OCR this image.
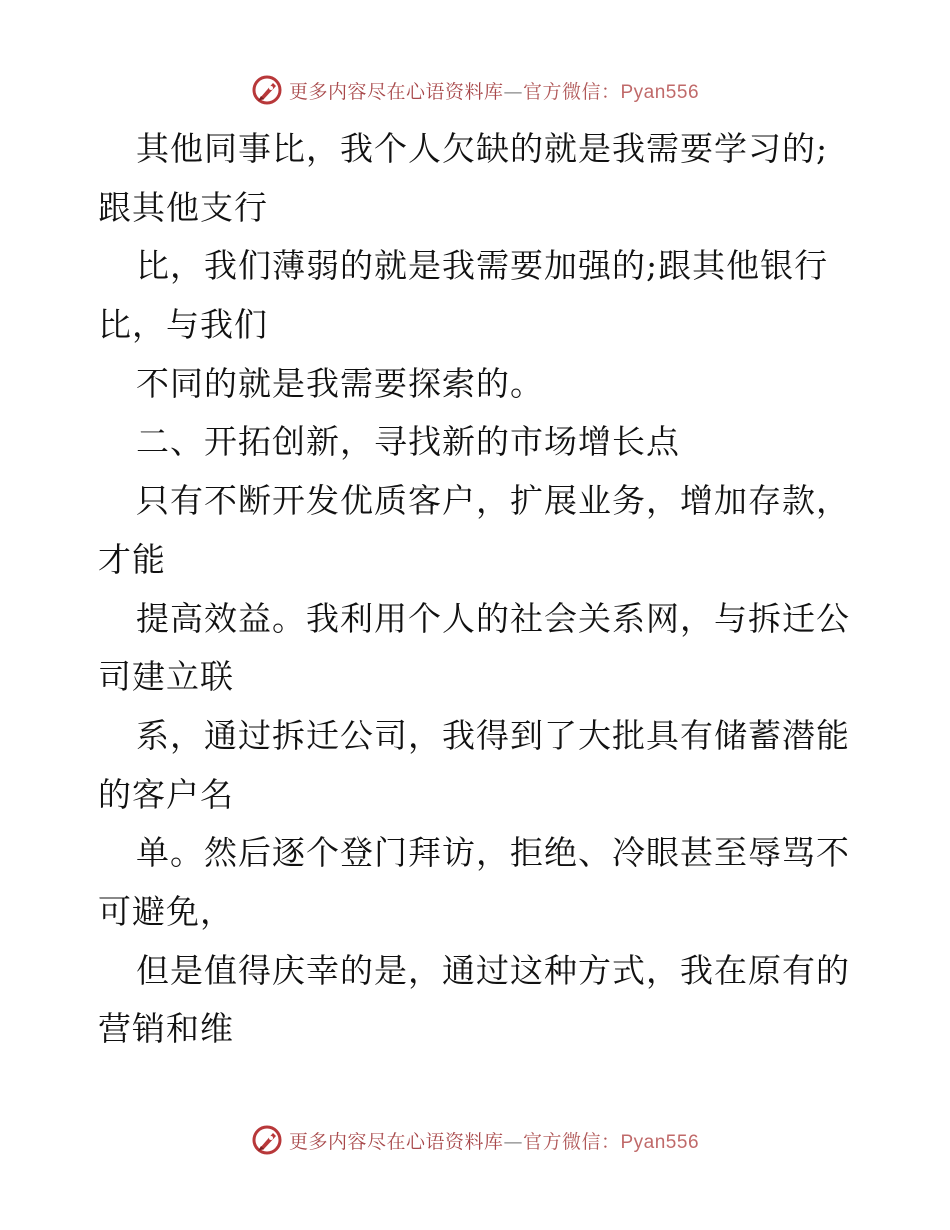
更多内容尽在心语资料库—官方微信：Pyan556
其他同事比，我个人欠缺的就是我需要学习的;
跟其他支行
比，我们薄弱的就是我需要加强的;跟其他银行
比，与我们
不同的就是我需要探索的。
二、开拓创新，寻找新的市场增长点
只有不断开发优质客户，扩展业务，增加存款，
才能
提高效益。我利用个人的社会关系网，与拆迁公
司建立联
系，通过拆迁公司，我得到了大批具有储蓄潜能
的客户名
单。然后逐个登门拜访，拒绝、冷眼甚至辱骂不
可避免，
但是值得庆幸的是，通过这种方式，我在原有的
营销和维
更多内容尽在心语资料库—官方微信：Pyan556
